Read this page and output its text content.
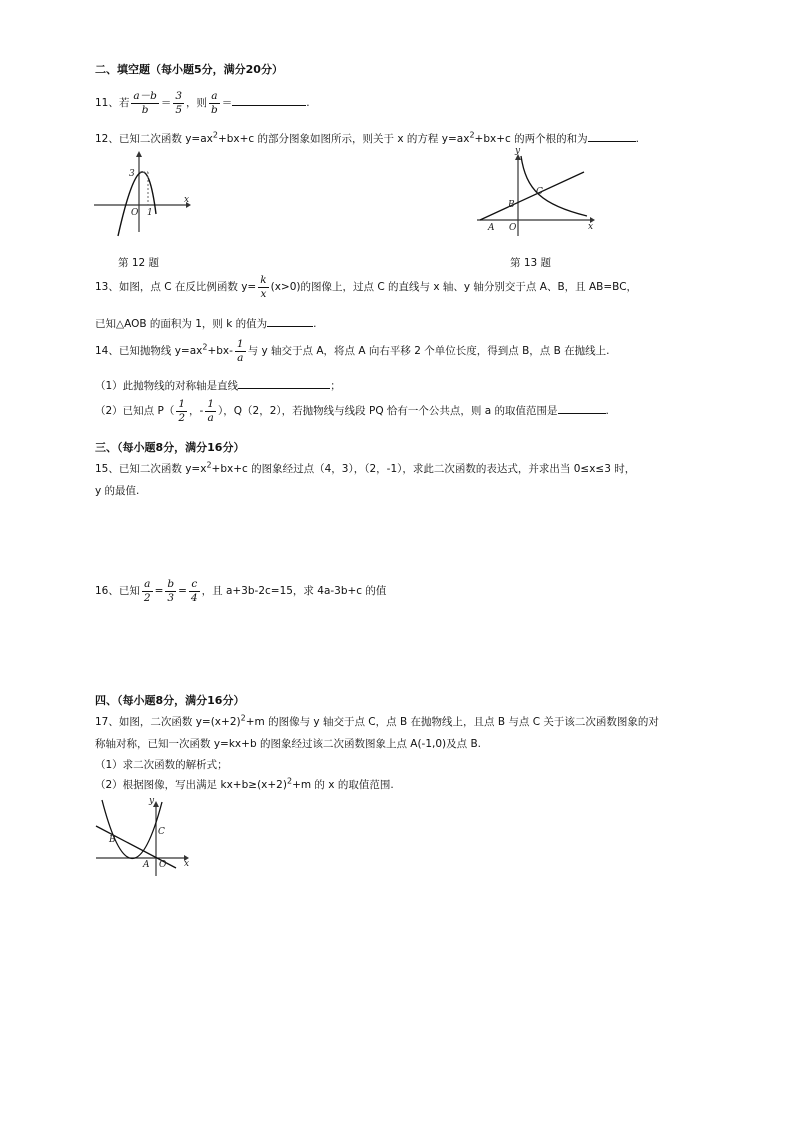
二、填空题（每小题5分，满分20分）
11、若 $\frac{a-b}{b} = \frac{3}{5}$ ，则 $\frac{a}{b}$ ＝	.
12、已知二次函数 $y=ax^2+bx+c$ 的部分图象如图所示，则关于 x 的方程 $y=ax^2+bx+c$ 的两个根的和为	.
3
O 1
x
y
C
B
A O	x
第 12 题	第 13 题
13、如图，点 C 在反比例函数 $y= \frac{k}{x} (x>0)$的图像上，过点 C 的直线与 x 轴、y 轴分别交于点 A、B，且 AB=BC，
已知△AOB 的面积为 1，则 k 的值为	.
14、已知抛物线 $y=ax^2+bx- \frac{1}{a}$ 与 y 轴交于点 A，将点 A 向右平移 2 个单位长度，得到点 B，点 B 在抛线上.
（1）此抛物线的对称轴是直线	；
（2）已知点 $P( \frac{1}{2}$ ，- $\frac{1}{a}$ ），Q（2，2），若抛物线与线段 PQ 恰有一个公共点，则 a 的取值范围是	.
三、（每小题8分，满分16分）
15、已知二次函数 $y=x^2+bx+c$ 的图象经过点（4，3），（2，-1），求此二次函数的表达式，并求出当 0≤x≤3 时，
y 的最值.
16、已知 $\frac{a}{2} = \frac{b}{3} = \frac{c}{4}$ ，且 a+3b-2c=15，求 4a-3b+c 的值
四、（每小题8分，满分16分）
17、如图，二次函数 $y=(x+2)^2+m$ 的图像与 y 轴交于点 C，点 B 在抛物线上，且点 B 与点 C 关于该二次函数图象的对
称轴对称，已知一次函数 y=kx+b 的图象经过该二次函数图象上点 A(-1,0)及点 B.
（1）求二次函数的解析式；
（2）根据图像，写出满足 $kx+b\ge(x+2)^2+m$ 的 x 的取值范围.
y
B
C
A O x
